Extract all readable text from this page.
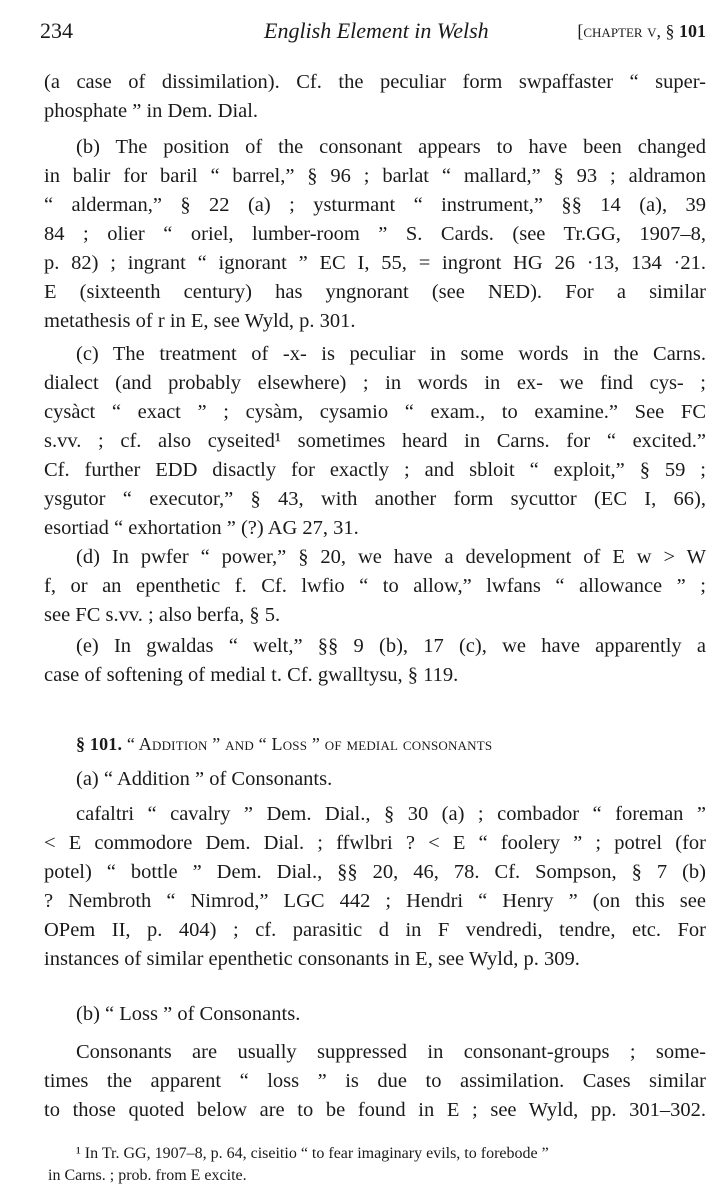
234	English Element in Welsh	[chapter v, § 101
(a case of dissimilation). Cf. the peculiar form swpaffaster “ super-
phosphate ” in Dem. Dial.
(b) The position of the consonant appears to have been changed
in balir for baril “ barrel,” § 96 ; barlat “ mallard,” § 93 ; aldramon
“ alderman,” § 22 (a) ; ysturmant “ instrument,” §§ 14 (a), 39
84 ; olier “ oriel, lumber-room ” S. Cards. (see Tr.GG, 1907–8,
p. 82) ; ingrant “ ignorant ” EC I, 55, = ingront HG 26 ·13, 134 ·21.
E (sixteenth century) has yngnorant (see NED). For a similar
metathesis of r in E, see Wyld, p. 301.
(c) The treatment of -x- is peculiar in some words in the Carns.
dialect (and probably elsewhere) ; in words in ex- we find cys- ;
cysàct “ exact ” ; cysàm, cysamio “ exam., to examine.” See FC
s.vv. ; cf. also cyseited¹ sometimes heard in Carns. for “ excited.”
Cf. further EDD disactly for exactly ; and sbloit “ exploit,” § 59 ;
ysgutor “ executor,” § 43, with another form sycuttor (EC I, 66),
esortiad “ exhortation ” (?) AG 27, 31.
(d) In pwfer “ power,” § 20, we have a development of E w > W
f, or an epenthetic f. Cf. lwfio “ to allow,” lwfans “ allowance ” ;
see FC s.vv. ; also berfa, § 5.
(e) In gwaldas “ welt,” §§ 9 (b), 17 (c), we have apparently a
case of softening of medial t. Cf. gwalltysu, § 119.
§ 101. “ Addition ” and “ Loss ” of medial consonants
(a) “ Addition ” of Consonants.
cafaltri “ cavalry ” Dem. Dial., § 30 (a) ; combador “ foreman ”
< E commodore Dem. Dial. ; ffwlbri ? < E “ foolery ” ; potrel (for
potel) “ bottle ” Dem. Dial., §§ 20, 46, 78. Cf. Sompson, § 7 (b)
? Nembroth “ Nimrod,” LGC 442 ; Hendri “ Henry ” (on this see
OPem II, p. 404) ; cf. parasitic d in F vendredi, tendre, etc. For
instances of similar epenthetic consonants in E, see Wyld, p. 309.
(b) “ Loss ” of Consonants.
Consonants are usually suppressed in consonant-groups ; some-
times the apparent “ loss ” is due to assimilation. Cases similar
to those quoted below are to be found in E ; see Wyld, pp. 301–302.
¹ In Tr. GG, 1907–8, p. 64, ciseitio “ to fear imaginary evils, to forebode ”
in Carns. ; prob. from E excite.
